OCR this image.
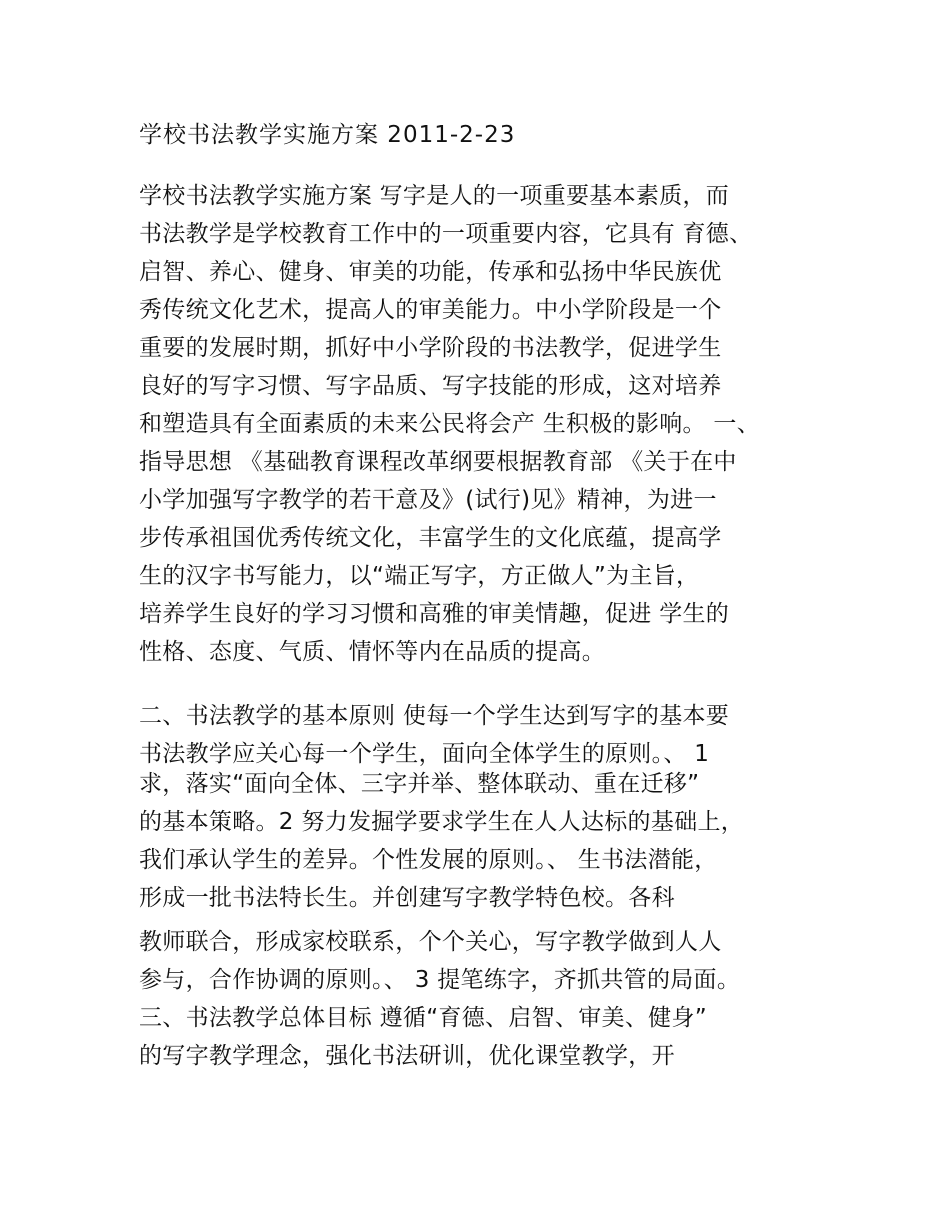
学校书法教学实施方案 2011-2-23
学校书法教学实施方案 写字是人的一项重要基本素质，而
书法教学是学校教育工作中的一项重要内容，它具有 育德、
启智、养心、健身、审美的功能，传承和弘扬中华民族优
秀传统文化艺术，提高人的审美能力。中小学阶段是一个
重要的发展时期，抓好中小学阶段的书法教学，促进学生
良好的写字习惯、写字品质、写字技能的形成，这对培养
和塑造具有全面素质的未来公民将会产 生积极的影响。 一、
指导思想 《基础教育课程改革纲要根据教育部 《关于在中
小学加强写字教学的若干意及》(试行)见》精神，为进一
步传承祖国优秀传统文化，丰富学生的文化底蕴，提高学
生的汉字书写能力，以“端正写字，方正做人”为主旨，
培养学生良好的学习习惯和高雅的审美情趣，促进 学生的
性格、态度、气质、情怀等内在品质的提高。
二、书法教学的基本原则 使每一个学生达到写字的基本要
书法教学应关心每一个学生，面向全体学生的原则。、 1
求，落实“面向全体、三字并举、整体联动、重在迁移”
的基本策略。2 努力发掘学要求学生在人人达标的基础上，
我们承认学生的差异。个性发展的原则。、 生书法潜能，
形成一批书法特长生。并创建写字教学特色校。各科
教师联合，形成家校联系，个个关心，写字教学做到人人
参与，合作协调的原则。、 3 提笔练字，齐抓共管的局面。
三、书法教学总体目标 遵循“育德、启智、审美、健身”
的写字教学理念，强化书法研训，优化课堂教学，开
